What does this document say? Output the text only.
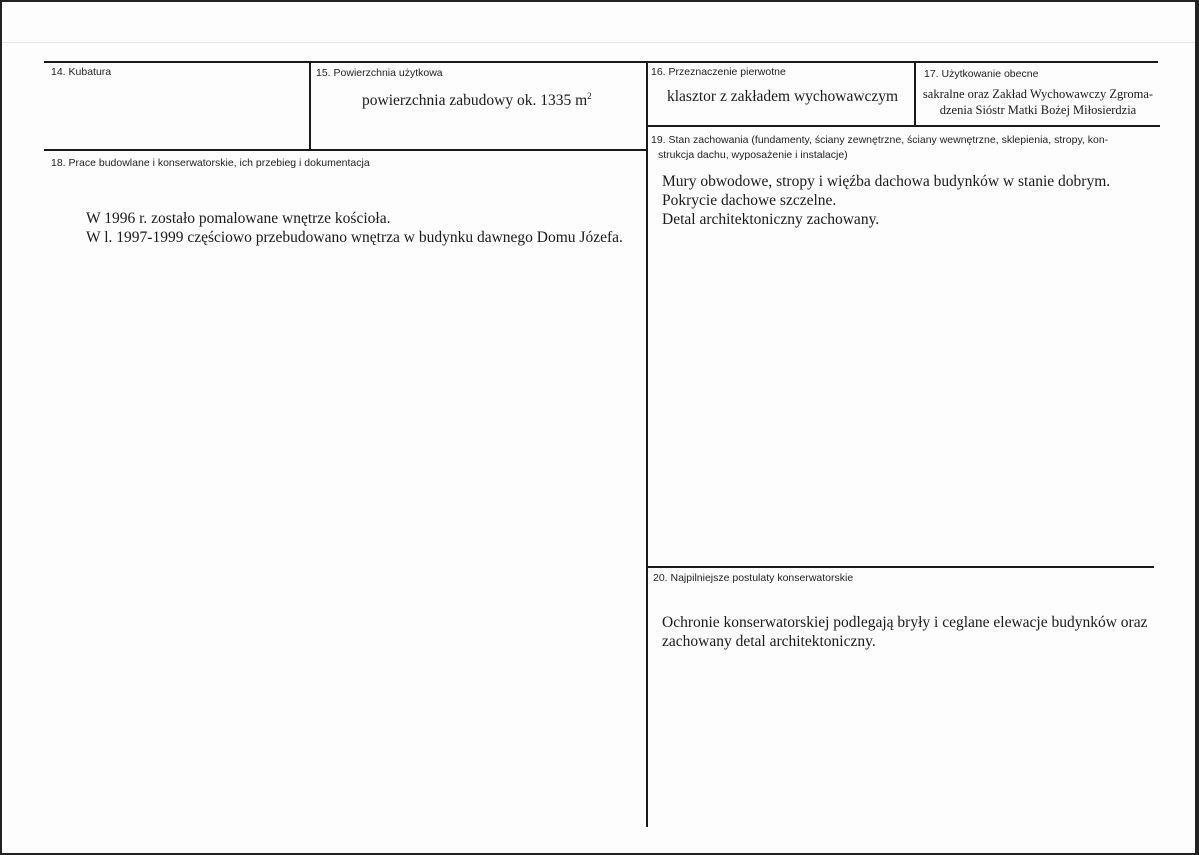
14. Kubatura	15. Powierzchnia użytkowa
powierzchnia zabudowy ok. 1335 $m^2$
16. Przeznaczenie pierwotne
klasztor z zakładem wychowawczym
17. Użytkowanie obecne
sakralne oraz Zakład Wychowawczy Zgroma-
dzenia Sióstr Matki Bożej Miłosierdzia
18. Prace budowlane i konserwatorskie, ich przebieg i dokumentacja
W 1996 r. zostało pomalowane wnętrze kościoła.
W l. 1997-1999 częściowo przebudowano wnętrza w budynku dawnego Domu Józefa.
19. Stan zachowania (fundamenty, ściany zewnętrzne, ściany wewnętrzne, sklepienia, stropy, kon-
strukcja dachu, wyposażenie i instalacje)
Mury obwodowe, stropy i więźba dachowa budynków w stanie dobrym.
Pokrycie dachowe szczelne.
Detal architektoniczny zachowany.
20. Najpilniejsze postulaty konserwatorskie
Ochronie konserwatorskiej podlegają bryły i ceglane elewacje budynków oraz
zachowany detal architektoniczny.
